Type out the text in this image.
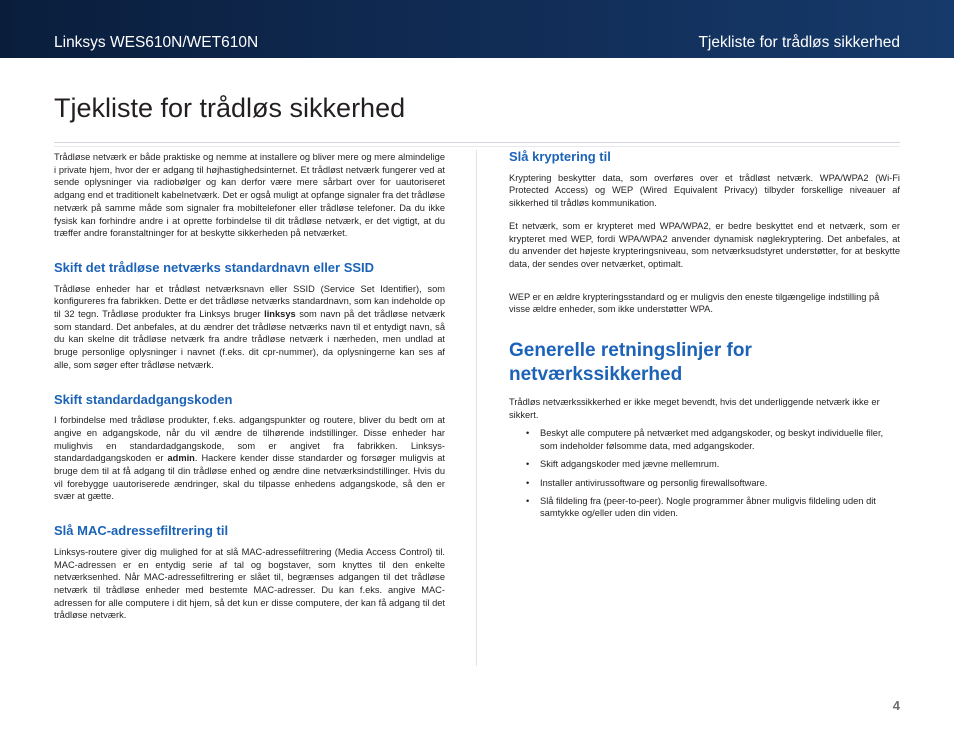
Linksys WES610N/WET610N	Tjekliste for trådløs sikkerhed
Tjekliste for trådløs sikkerhed

Trådløse netværk er både praktiske og nemme at installere og bliver mere og mere almindelige i private hjem, hvor der er adgang til højhastighedsinternet. Et trådløst netværk fungerer ved at sende oplysninger via radiobølger og kan derfor være mere sårbart over for uautoriseret adgang end et traditionelt kabelnetværk. Det er også muligt at opfange signaler fra det trådløse netværk på samme måde som signaler fra mobiltelefoner eller trådløse telefoner. Da du ikke fysisk kan forhindre andre i at oprette forbindelse til dit trådløse netværk, er det vigtigt, at du træffer andre foranstaltninger for at beskytte sikkerheden på netværket.

Skift det trådløse netværks standardnavn eller SSID

Trådløse enheder har et trådløst netværksnavn eller SSID (Service Set Identifier), som konfigureres fra fabrikken. Dette er det trådløse netværks standardnavn, som kan indeholde op til 32 tegn. Trådløse produkter fra Linksys bruger linksys som navn på det trådløse netværk som standard. Det anbefales, at du ændrer det trådløse netværks navn til et entydigt navn, så du kan skelne dit trådløse netværk fra andre trådløse netværk i nærheden, men undlad at bruge personlige oplysninger i navnet (f.eks. dit cpr-nummer), da oplysningerne kan ses af alle, som søger efter trådløse netværk.

Skift standardadgangskoden

I forbindelse med trådløse produkter, f.eks. adgangspunkter og routere, bliver du bedt om at angive en adgangskode, når du vil ændre de tilhørende indstillinger. Disse enheder har mulighvis en standardadgangskode, som er angivet fra fabrikken. Linksys-standardadgangskoden er admin. Hackere kender disse standarder og forsøger muligvis at bruge dem til at få adgang til din trådløse enhed og ændre dine netværksindstillinger. Hvis du vil forebygge uautoriserede ændringer, skal du tilpasse enhedens adgangskode, så den er svær at gætte.

Slå MAC-adressefiltrering til

Linksys-routere giver dig mulighed for at slå MAC-adressefiltrering (Media Access Control) til. MAC-adressen er en entydig serie af tal og bogstaver, som knyttes til den enkelte netværksenhed. Når MAC-adressefiltrering er slået til, begrænses adgangen til det trådløse netværk til trådløse enheder med bestemte MAC-adresser. Du kan f.eks. angive MAC-adressen for alle computere i dit hjem, så det kun er disse computere, der kan få adgang til det trådløse netværk.

Slå kryptering til

Kryptering beskytter data, som overføres over et trådløst netværk. WPA/WPA2 (Wi-Fi Protected Access) og WEP (Wired Equivalent Privacy) tilbyder forskellige niveauer af sikkerhed til trådløs kommunikation.

Et netværk, som er krypteret med WPA/WPA2, er bedre beskyttet end et netværk, som er krypteret med WEP, fordi WPA/WPA2 anvender dynamisk nøglekryptering. Det anbefales, at du anvender det højeste krypteringsniveau, som netværksudstyret understøtter, for at beskytte data, der sendes over netværket, optimalt.

WEP er en ældre krypteringsstandard og er muligvis den eneste tilgængelige indstilling på visse ældre enheder, som ikke understøtter WPA.

Generelle retningslinjer for netværkssikkerhed

Trådløs netværkssikkerhed er ikke meget bevendt, hvis det underliggende netværk ikke er sikkert.

• Beskyt alle computere på netværket med adgangskoder, og beskyt individuelle filer, som indeholder følsomme data, med adgangskoder.
• Skift adgangskoder med jævne mellemrum.
• Installer antivirussoftware og personlig firewallsoftware.
• Slå fildeling fra (peer-to-peer). Nogle programmer åbner muligvis fildeling uden dit samtykke og/eller uden din viden.
4
